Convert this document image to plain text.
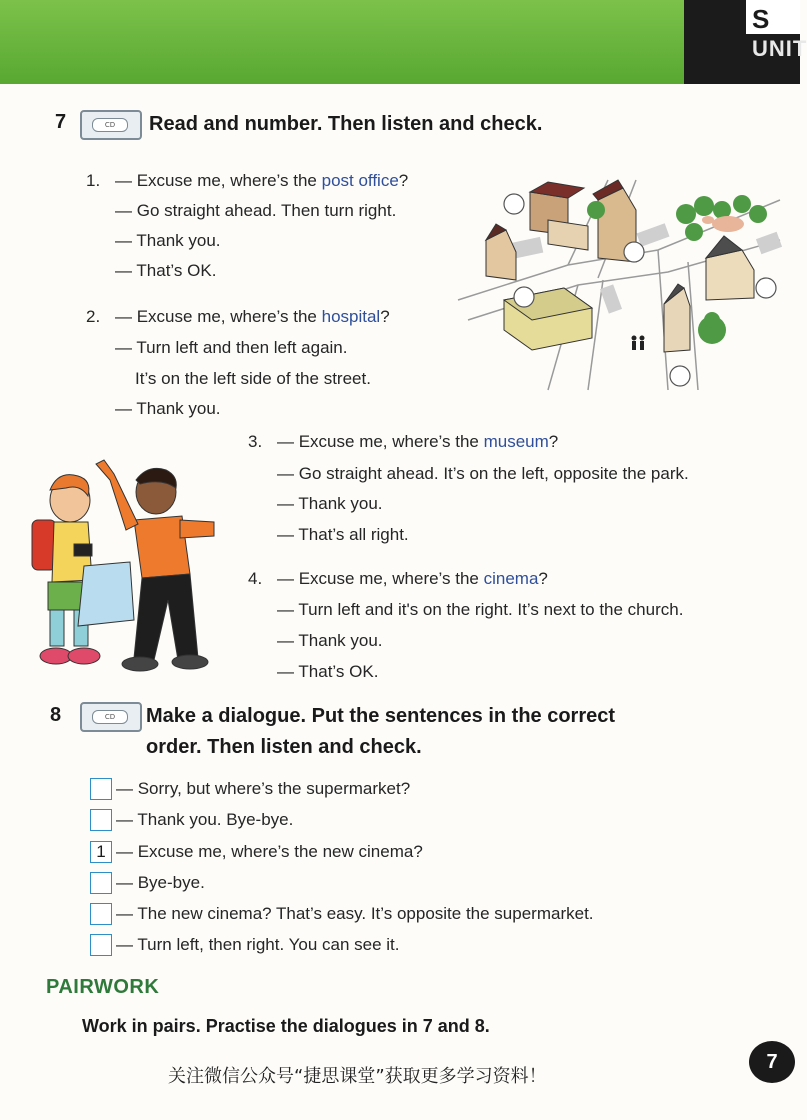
S
UNIT
7	CD	Read and number. Then listen and check.
1. — Excuse me, where’s the post office?
— Go straight ahead. Then turn right.
— Thank you.
— That’s OK.
2. — Excuse me, where’s the hospital?
— Turn left and then left again.
It’s on the left side of the street.
— Thank you.
3. — Excuse me, where’s the museum?
— Go straight ahead. It’s on the left, opposite the park.
— Thank you.
— That’s all right.
4. — Excuse me, where’s the cinema?
— Turn left and it's on the right. It’s next to the church.
— Thank you.
— That’s OK.
8	CD	Make a dialogue. Put the sentences in the correct
order. Then listen and check.
— Sorry, but where’s the supermarket?
— Thank you. Bye-bye.
1 — Excuse me, where’s the new cinema?
— Bye-bye.
— The new cinema? That’s easy. It’s opposite the supermarket.
— Turn left, then right. You can see it.
PAIRWORK
Work in pairs. Practise the dialogues in 7 and 8.
关注微信公众号“捷思课堂”获取更多学习资料！
7
